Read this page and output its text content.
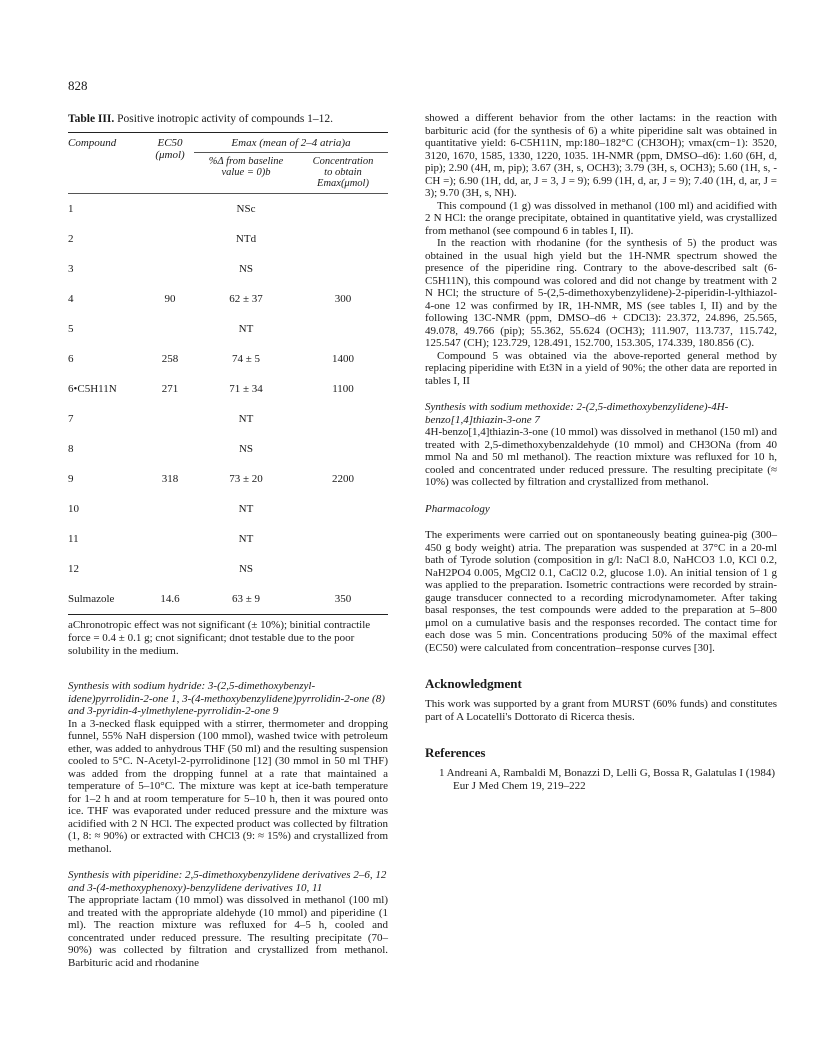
828

Table III. Positive inotropic activity of compounds 1–12.

Compound	EC50
(μmol)

Emax (mean of 2–4 atria)a
%Δ from baseline
value = 0)b
Concentration
to obtain Emax(μmol)
1		NSc	
2		NTd	
3		NS	
4	90	62 ± 37	300
5		NT	
6	258	74 ± 5	1400
6•C5H11N	271	71 ± 34	1100
7		NT	
8		NS	
9	318	73 ± 20	2200
10		NT	
11		NT	
12		NS	
Sulmazole	14.6	63 ± 9	350

aChronotropic effect was not significant (± 10%); binitial contractile force = 0.4 ± 0.1 g; cnot significant; dnot testable due to the poor solubility in the medium.

Synthesis with sodium hydride: 3-(2,5-dimethoxybenzyl-idene)pyrrolidin-2-one 1, 3-(4-methoxybenzylidene)pyrrolidin-2-one (8) and 3-pyridin-4-ylmethylene-pyrrolidin-2-one 9

In a 3-necked flask equipped with a stirrer, thermometer and dropping funnel, 55% NaH dispersion (100 mmol), washed twice with petroleum ether, was added to anhydrous THF (50 ml) and the resulting suspension cooled to 5°C. N-Acetyl-2-pyrrolidinone [12] (30 mmol in 50 ml THF) was added from the dropping funnel at a rate that maintained a temperature of 5–10°C. The mixture was kept at ice-bath temperature for 1–2 h and at room temperature for 5–10 h, then it was poured onto ice. THF was evaporated under reduced pressure and the mixture was acidified with 2 N HCl. The expected product was collected by filtration (1, 8: ≈ 90%) or extracted with CHCl3 (9: ≈ 15%) and crystallized from methanol.

Synthesis with piperidine: 2,5-dimethoxybenzylidene derivatives 2–6, 12 and 3-(4-methoxyphenoxy)-benzylidene derivatives 10, 11

The appropriate lactam (10 mmol) was dissolved in methanol (100 ml) and treated with the appropriate aldehyde (10 mmol) and piperidine (1 ml). The reaction mixture was refluxed for 4–5 h, cooled and concentrated under reduced pressure. The resulting precipitate (70–90%) was collected by filtration and crystallized from methanol. Barbituric acid and rhodanine

showed a different behavior from the other lactams: in the reaction with barbituric acid (for the synthesis of 6) a white piperidine salt was obtained in quantitative yield: 6-C5H11N, mp:180–182°C (CH3OH); νmax(cm−1): 3520, 3120, 1670, 1585, 1330, 1220, 1035. 1H-NMR (ppm, DMSO–d6): 1.60 (6H, d, pip); 2.90 (4H, m, pip); 3.67 (3H, s, OCH3); 3.79 (3H, s, OCH3); 5.60 (1H, s, -CH =); 6.90 (1H, dd, ar, J = 3, J = 9); 6.99 (1H, d, ar, J = 9); 7.40 (1H, d, ar, J = 3); 9.70 (3H, s, NH).

This compound (1 g) was dissolved in methanol (100 ml) and acidified with 2 N HCl: the orange precipitate, obtained in quantitative yield, was crystallized from methanol (see compound 6 in tables I, II).

In the reaction with rhodanine (for the synthesis of 5) the product was obtained in the usual high yield but the 1H-NMR spectrum showed the presence of the piperidine ring. Contrary to the above-described salt (6-C5H11N), this compound was colored and did not change by treatment with 2 N HCl; the structure of 5-(2,5-dimethoxybenzylidene)-2-piperidin-l-ylthiazol-4-one 12 was confirmed by IR, 1H-NMR, MS (see tables I, II) and by the following 13C-NMR (ppm, DMSO–d6 + CDCl3): 23.372, 24.896, 25.565, 49.078, 49.766 (pip); 55.362, 55.624 (OCH3); 111.907, 113.737, 115.742, 125.547 (CH); 123.729, 128.491, 152.700, 153.305, 174.339, 180.856 (C).

Compound 5 was obtained via the above-reported general method by replacing piperidine with Et3N in a yield of 90%; the other data are reported in tables I, II

Synthesis with sodium methoxide: 2-(2,5-dimethoxybenzylidene)-4H-benzo[1,4]thiazin-3-one 7

4H-benzo[1,4]thiazin-3-one (10 mmol) was dissolved in methanol (150 ml) and treated with 2,5-dimethoxybenzaldehyde (10 mmol) and CH3ONa (from 40 mmol Na and 50 ml methanol). The reaction mixture was refluxed for 10 h, cooled and concentrated under reduced pressure. The resulting precipitate (≈ 10%) was collected by filtration and crystallized from methanol.

Pharmacology

The experiments were carried out on spontaneously beating guinea-pig (300–450 g body weight) atria. The preparation was suspended at 37°C in a 20-ml bath of Tyrode solution (composition in g/l: NaCl 8.0, NaHCO3 1.0, KCl 0.2, NaH2PO4 0.005, MgCl2 0.1, CaCl2 0.2, glucose 1.0). An initial tension of 1 g was applied to the preparation. Isometric contractions were recorded by strain-gauge transducer connected to a recording microdynamometer. After taking basal responses, the test compounds were added to the preparation at 5–800 μmol on a cumulative basis and the responses recorded. The contact time for each dose was 5 min. Concentrations producing 50% of the maximal effect (EC50) were calculated from concentration–response curves [30].

Acknowledgment

This work was supported by a grant from MURST (60% funds) and constitutes part of A Locatelli's Dottorato di Ricerca thesis.

References

1 Andreani A, Rambaldi M, Bonazzi D, Lelli G, Bossa R, Galatulas I (1984) Eur J Med Chem 19, 219–222
